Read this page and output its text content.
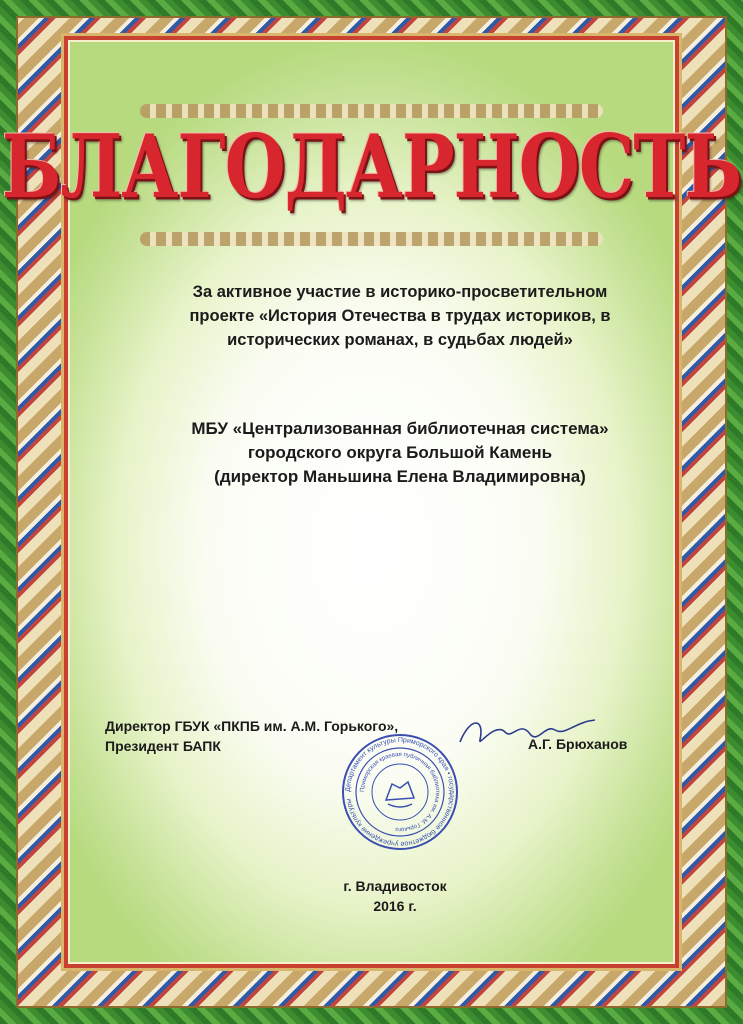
БЛАГОДАРНОСТЬ
За активное участие в историко-просветительном
проекте «История Отечества в трудах историков, в
исторических романах, в судьбах людей»
МБУ «Централизованная библиотечная система»
городского округа Большой Камень
(директор Маньшина Елена Владимировна)
Директор ГБУК «ПКПБ им. А.М. Горького»,
Президент БАПК	А.Г. Брюханов
Департамент культуры Приморского края • государственное бюджетное учреждение культуры
Приморская краевая публичная библиотека им. А.М. Горького
г. Владивосток
2016 г.
